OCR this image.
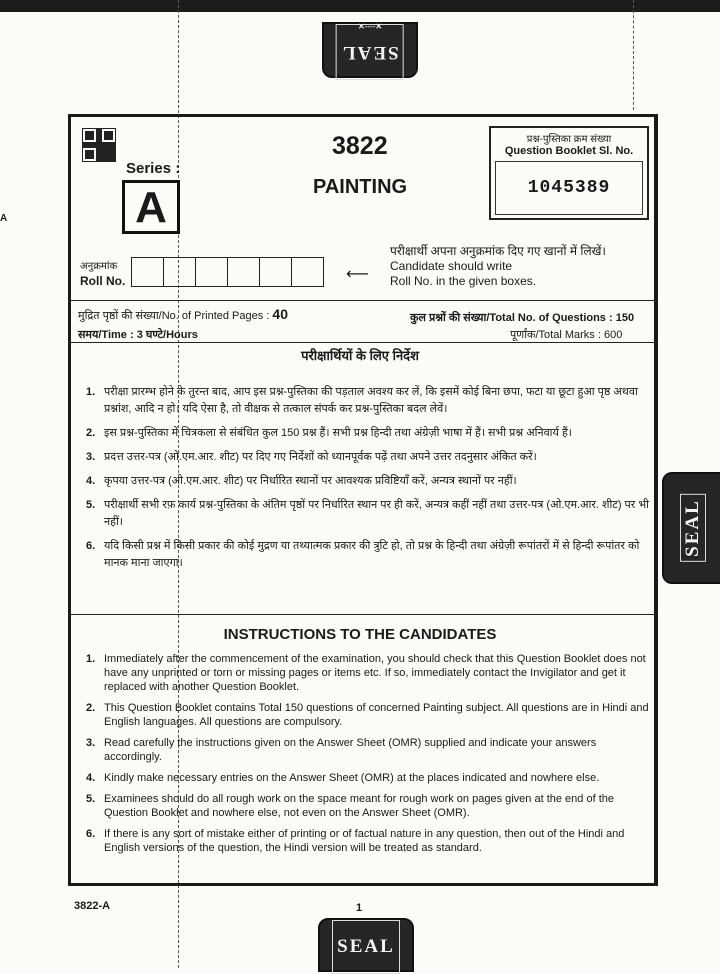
✕----✕
SEAL
SEAL
SEAL
A
Series :
A
3822
PAINTING
प्रश्न-पुस्तिका क्रम संख्या
Question Booklet Sl. No.
1045389
अनुक्रमांक
Roll No.	⟵
परीक्षार्थी अपना अनुक्रमांक दिए गए खानों में लिखें।
Candidate should write
Roll No. in the given boxes.
मुद्रित पृष्ठों की संख्या/No. of Printed Pages : 40	कुल प्रश्नों की संख्या/Total No. of Questions : 150
समय/Time : 3 घण्टे/Hours	पूर्णांक/Total Marks : 600
परीक्षार्थियों के लिए निर्देश
1. परीक्षा प्रारम्भ होने के तुरन्त बाद, आप इस प्रश्न-पुस्तिका की पड़ताल अवश्य कर लें, कि इसमें कोई बिना छपा, फटा या छूटा हुआ पृष्ठ अथवा प्रश्नांश, आदि न हो। यदि ऐसा है, तो वीक्षक से तत्काल संपर्क कर प्रश्न-पुस्तिका बदल लेवें।
2. इस प्रश्न-पुस्तिका में चित्रकला से संबंधित कुल 150 प्रश्न हैं। सभी प्रश्न हिन्दी तथा अंग्रेज़ी भाषा में हैं। सभी प्रश्न अनिवार्य हैं।
3. प्रदत्त उत्तर-पत्र (ओ.एम.आर. शीट) पर दिए गए निर्देशों को ध्यानपूर्वक पढ़ें तथा अपने उत्तर तदनुसार अंकित करें।
4. कृपया उत्तर-पत्र (ओ.एम.आर. शीट) पर निर्धारित स्थानों पर आवश्यक प्रविष्टियाँ करें, अन्यत्र स्थानों पर नहीं।
5. परीक्षार्थी सभी रफ़ कार्य प्रश्न-पुस्तिका के अंतिम पृष्ठों पर निर्धारित स्थान पर ही करें, अन्यत्र कहीं नहीं तथा उत्तर-पत्र (ओ.एम.आर. शीट) पर भी नहीं।
6. यदि किसी प्रश्न में किसी प्रकार की कोई मुद्रण या तथ्यात्मक प्रकार की त्रुटि हो, तो प्रश्न के हिन्दी तथा अंग्रेज़ी रूपांतरों में से हिन्दी रूपांतर को मानक माना जाएगा।
INSTRUCTIONS TO THE CANDIDATES
1. Immediately after the commencement of the examination, you should check that this Question Booklet does not have any unprinted or torn or missing pages or items etc. If so, immediately contact the Invigilator and get it replaced with another Question Booklet.
2. This Question Booklet contains Total 150 questions of concerned Painting subject. All questions are in Hindi and English languages. All questions are compulsory.
3. Read carefully the instructions given on the Answer Sheet (OMR) supplied and indicate your answers accordingly.
4. Kindly make necessary entries on the Answer Sheet (OMR) at the places indicated and nowhere else.
5. Examinees should do all rough work on the space meant for rough work on pages given at the end of the Question Booklet and nowhere else, not even on the Answer Sheet (OMR).
6. If there is any sort of mistake either of printing or of factual nature in any question, then out of the Hindi and English versions of the question, the Hindi version will be treated as standard.
3822-A	1
